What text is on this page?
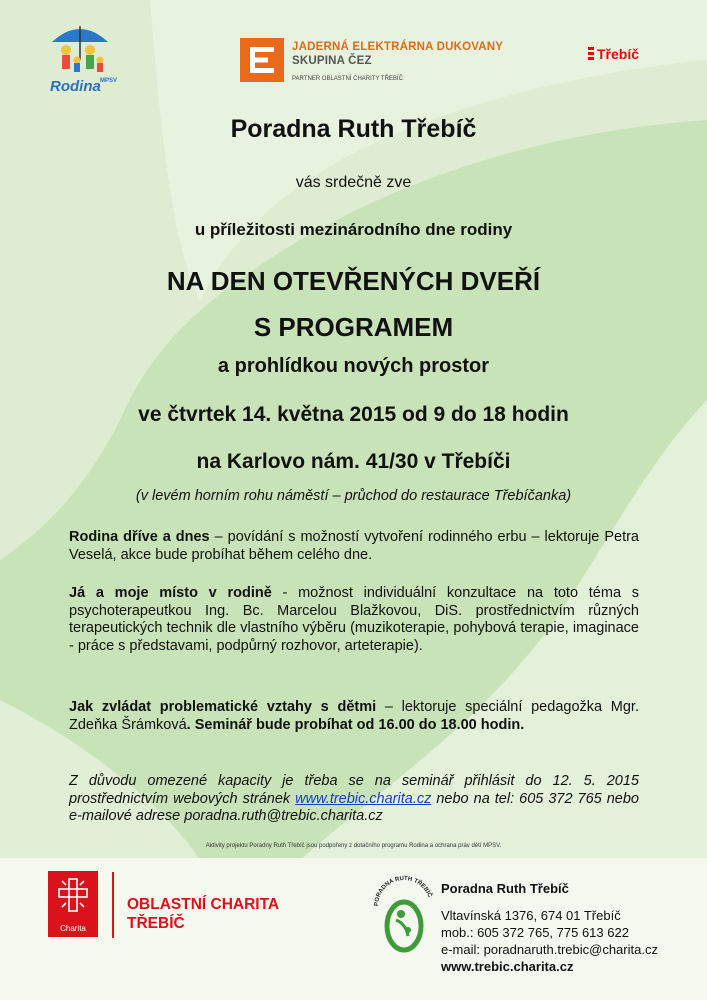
Rodina MPSV
JADERNÁ ELEKTRÁRNA DUKOVANY
SKUPINA ČEZ
PARTNER OBLASTNÍ CHARITY TŘEBÍČ
Třebíč
Poradna Ruth Třebíč
vás srdečně zve
u příležitosti mezinárodního dne rodiny
NA DEN OTEVŘENÝCH DVEŘÍ
S PROGRAMEM
a prohlídkou nových prostor
ve čtvrtek 14. května 2015 od 9 do 18 hodin
na Karlovo nám. 41/30 v Třebíči
(v levém horním rohu náměstí – průchod do restaurace Třebíčanka)
Rodina dříve a dnes – povídání s možností vytvoření rodinného erbu – lektoruje Petra Veselá, akce bude probíhat během celého dne.
Já a moje místo v rodině - možnost individuální konzultace na toto téma s psychoterapeutkou Ing. Bc. Marcelou Blažkovou, DiS. prostřednictvím různých terapeutických technik dle vlastního výběru (muzikoterapie, pohybová terapie, imaginace - práce s představami, podpůrný rozhovor, arteterapie).
Jak zvládat problematické vztahy s dětmi – lektoruje speciální pedagožka Mgr. Zdeňka Šrámková. Seminář bude probíhat od 16.00 do 18.00 hodin.
Z důvodu omezené kapacity je třeba se na seminář přihlásit do 12. 5. 2015 prostřednictvím webových stránek www.trebic.charita.cz nebo na tel: 605 372 765 nebo e-mailové adrese poradna.ruth@trebic.charita.cz
Aktivity projektu Poradny Ruth Třebíč jsou podpořeny z dotačního programu Rodina a ochrana práv dětí MPSV.
Charita
OBLASTNÍ CHARITA
TŘEBÍČ
PORADNA RUTH TŘEBÍČ Poradna Ruth Třebíč
Vltavínská 1376, 674 01 Třebíč
mob.: 605 372 765, 775 613 622
e-mail: poradnaruth.trebic@charita.cz
www.trebic.charita.cz
